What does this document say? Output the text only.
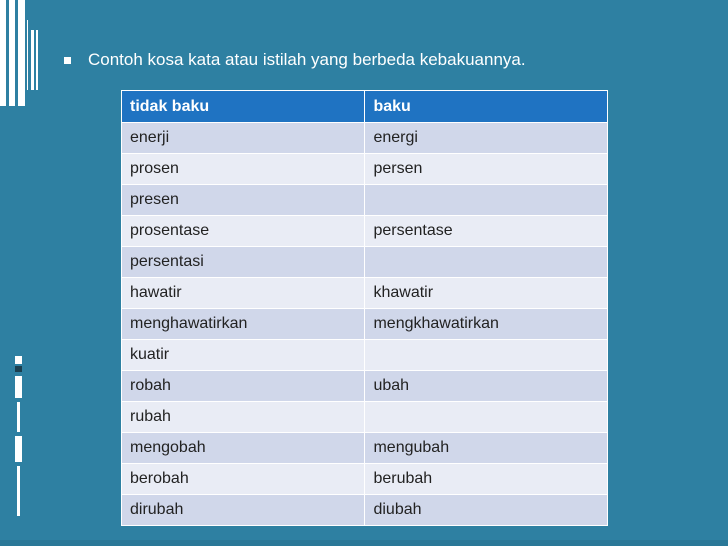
Contoh kosa kata atau istilah yang berbeda kebakuannya.
tidak baku	baku
enerji	energi
prosen	persen
presen	
prosentase	persentase
persentasi	
hawatir	khawatir
menghawatirkan	mengkhawatirkan
kuatir	
robah	ubah
rubah	
mengobah	mengubah
berobah	berubah
dirubah	diubah
